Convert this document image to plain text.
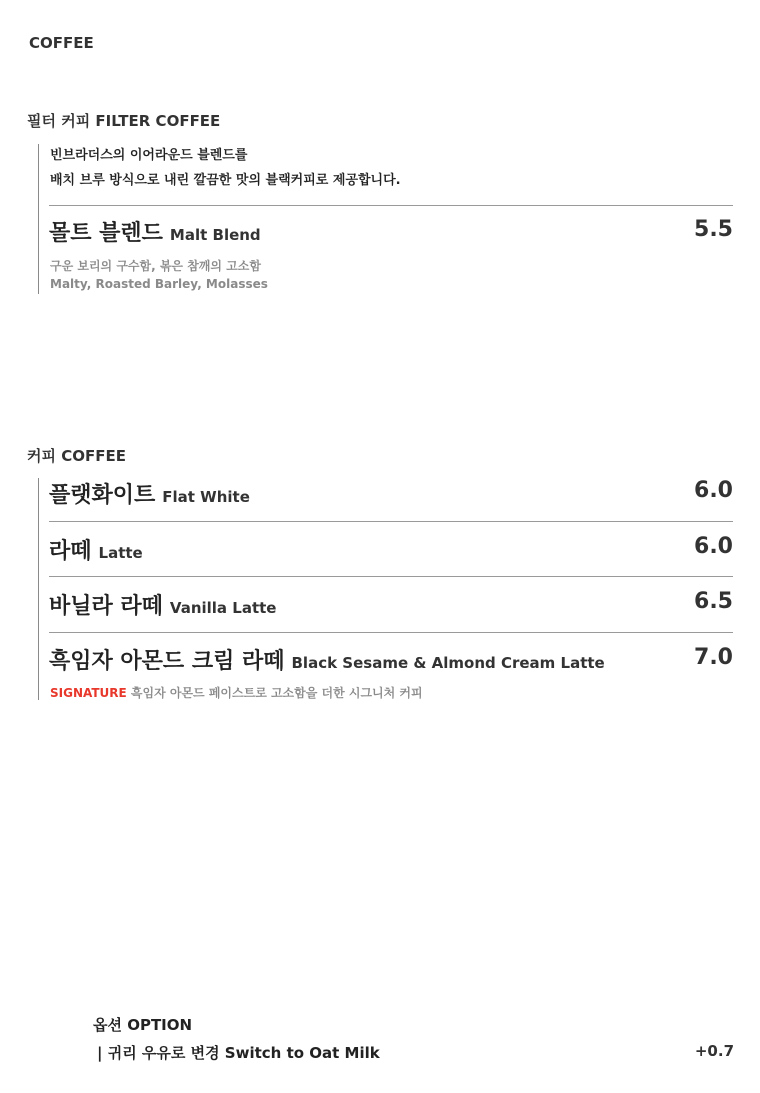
COFFEE
필터 커피 FILTER COFFEE
빈브라더스의 이어라운드 블렌드를
배치 브루 방식으로 내린 깔끔한 맛의 블랙커피로 제공합니다.
몰트 블렌드 Malt Blend	5.5
구운 보리의 구수함, 볶은 참깨의 고소함
Malty, Roasted Barley, Molasses
커피 COFFEE
플랫화이트 Flat White	6.0
라떼 Latte	6.0
바닐라 라떼 Vanilla Latte	6.5
흑임자 아몬드 크림 라떼 Black Sesame & Almond Cream Latte	7.0
SIGNATURE 흑임자 아몬드 페이스트로 고소함을 더한 시그니처 커피
옵션 OPTION
| 귀리 우유로 변경 Switch to Oat Milk	+0.7
